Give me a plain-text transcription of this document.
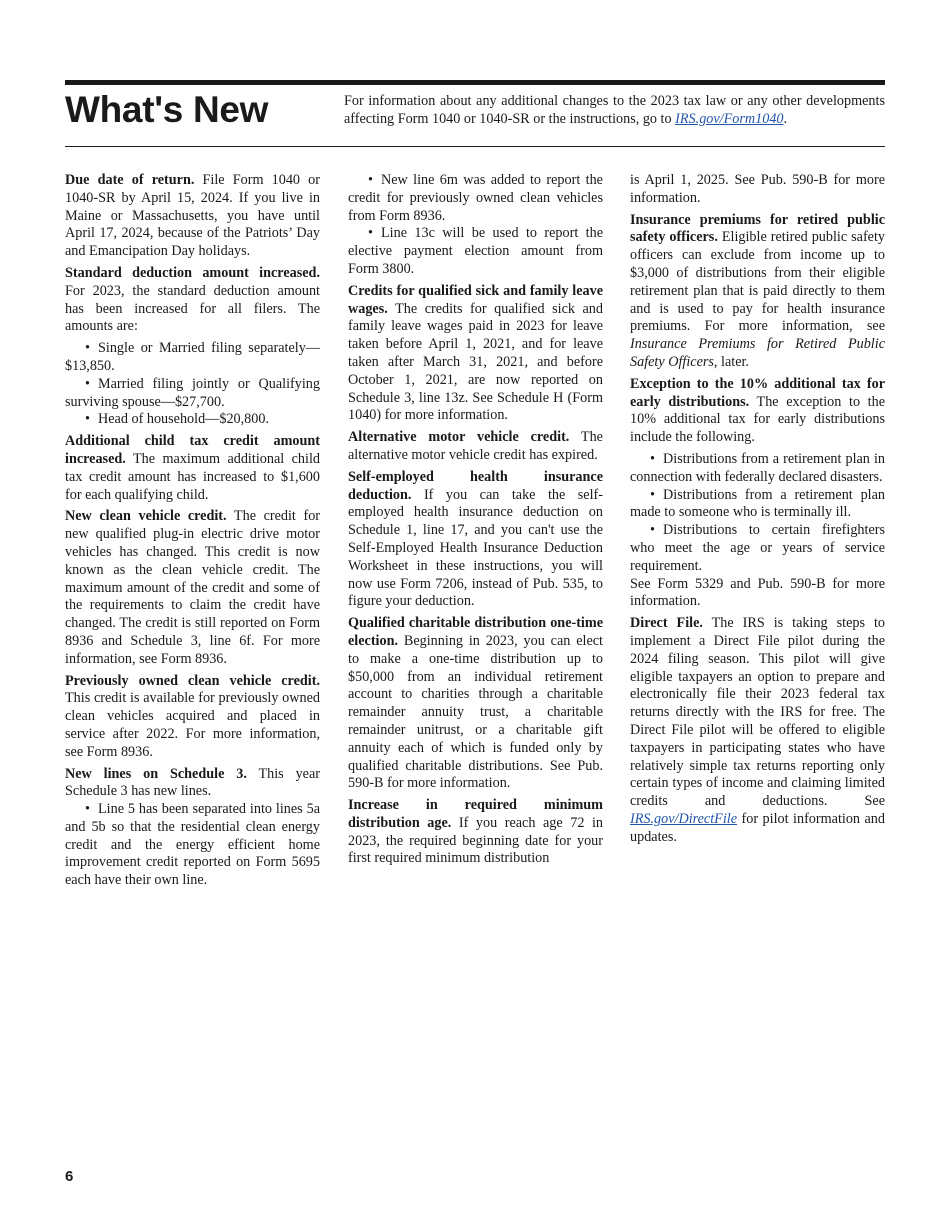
What's New	For information about any additional changes to the 2023 tax law or any other developments affecting Form 1040 or 1040-SR or the instructions, go to IRS.gov/Form1040.

Due date of return. File Form 1040 or 1040-SR by April 15, 2024. If you live in Maine or Massachusetts, you have until April 17, 2024, because of the Patriots’ Day and Emancipation Day holidays.

Standard deduction amount increased. For 2023, the standard deduction amount has been increased for all filers. The amounts are:

• Single or Married filing separately—$13,850.

• Married filing jointly or Qualifying surviving spouse—$27,700.

• Head of household—$20,800.

Additional child tax credit amount increased. The maximum additional child tax credit amount has increased to $1,600 for each qualifying child.

New clean vehicle credit. The credit for new qualified plug-in electric drive motor vehicles has changed. This credit is now known as the clean vehicle credit. The maximum amount of the credit and some of the requirements to claim the credit have changed. The credit is still reported on Form 8936 and Schedule 3, line 6f. For more information, see Form 8936.

Previously owned clean vehicle credit. This credit is available for previously owned clean vehicles acquired and placed in service after 2022. For more information, see Form 8936.

New lines on Schedule 3. This year Schedule 3 has new lines.

• Line 5 has been separated into lines 5a and 5b so that the residential clean energy credit and the energy efficient home improvement credit reported on Form 5695 each have their own line.

• New line 6m was added to report the credit for previously owned clean vehicles from Form 8936.

• Line 13c will be used to report the elective payment election amount from Form 3800.

Credits for qualified sick and family leave wages. The credits for qualified sick and family leave wages paid in 2023 for leave taken before April 1, 2021, and for leave taken after March 31, 2021, and before October 1, 2021, are now reported on Schedule 3, line 13z. See Schedule H (Form 1040) for more information.

Alternative motor vehicle credit. The alternative motor vehicle credit has expired.

Self-employed health insurance deduction. If you can take the self-employed health insurance deduction on Schedule 1, line 17, and you can't use the Self-Employed Health Insurance Deduction Worksheet in these instructions, you will now use Form 7206, instead of Pub. 535, to figure your deduction.

Qualified charitable distribution one-time election. Beginning in 2023, you can elect to make a one-time distribution up to $50,000 from an individual retirement account to charities through a charitable remainder annuity trust, a charitable remainder unitrust, or a charitable gift annuity each of which is funded only by qualified charitable distributions. See Pub. 590-B for more information.

Increase in required minimum distribution age. If you reach age 72 in 2023, the required beginning date for your first required minimum distribution

is April 1, 2025. See Pub. 590-B for more information.

Insurance premiums for retired public safety officers. Eligible retired public safety officers can exclude from income up to $3,000 of distributions from their eligible retirement plan that is paid directly to them and is used to pay for health insurance premiums. For more information, see Insurance Premiums for Retired Public Safety Officers, later.

Exception to the 10% additional tax for early distributions. The exception to the 10% additional tax for early distributions include the following.

• Distributions from a retirement plan in connection with federally declared disasters.

• Distributions from a retirement plan made to someone who is terminally ill.

• Distributions to certain firefighters who meet the age or years of service requirement.

See Form 5329 and Pub. 590-B for more information.

Direct File. The IRS is taking steps to implement a Direct File pilot during the 2024 filing season. This pilot will give eligible taxpayers an option to prepare and electronically file their 2023 federal tax returns directly with the IRS for free. The Direct File pilot will be offered to eligible taxpayers in participating states who have relatively simple tax returns reporting only certain types of income and claiming limited credits and deductions. See IRS.gov/DirectFile for pilot information and updates.

6
